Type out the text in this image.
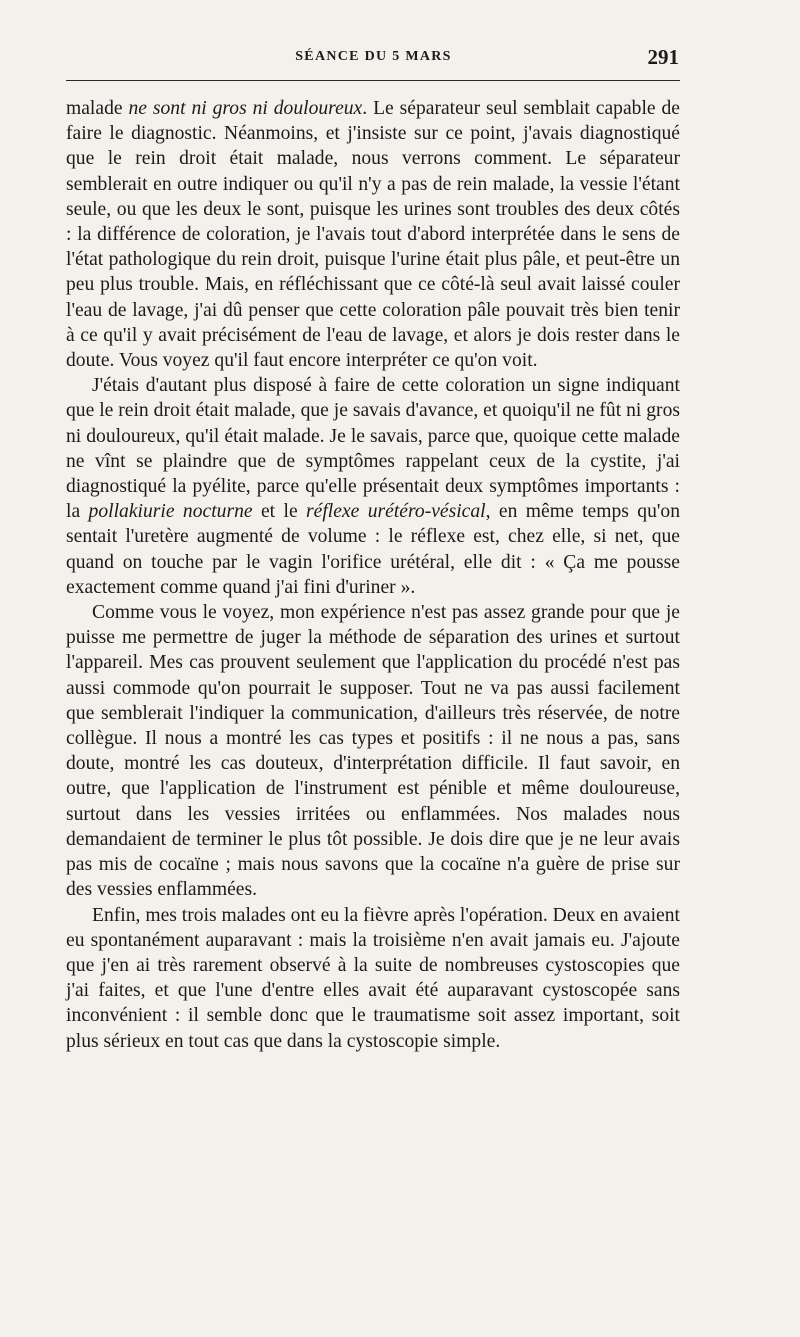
SÉANCE DU 5 MARS	291

malade ne sont ni gros ni douloureux. Le séparateur seul semblait capable de faire le diagnostic. Néanmoins, et j'insiste sur ce point, j'avais diagnostiqué que le rein droit était malade, nous verrons comment. Le séparateur semblerait en outre indiquer ou qu'il n'y a pas de rein malade, la vessie l'étant seule, ou que les deux le sont, puisque les urines sont troubles des deux côtés : la différence de coloration, je l'avais tout d'abord interprétée dans le sens de l'état pathologique du rein droit, puisque l'urine était plus pâle, et peut-être un peu plus trouble. Mais, en réfléchissant que ce côté-là seul avait laissé couler l'eau de lavage, j'ai dû penser que cette coloration pâle pouvait très bien tenir à ce qu'il y avait précisément de l'eau de lavage, et alors je dois rester dans le doute. Vous voyez qu'il faut encore interpréter ce qu'on voit.

J'étais d'autant plus disposé à faire de cette coloration un signe indiquant que le rein droit était malade, que je savais d'avance, et quoiqu'il ne fût ni gros ni douloureux, qu'il était malade. Je le savais, parce que, quoique cette malade ne vînt se plaindre que de symptômes rappelant ceux de la cystite, j'ai diagnostiqué la pyélite, parce qu'elle présentait deux symptômes importants : la pollakiurie nocturne et le réflexe urétéro-vésical, en même temps qu'on sentait l'uretère augmenté de volume : le réflexe est, chez elle, si net, que quand on touche par le vagin l'orifice urétéral, elle dit : « Ça me pousse exactement comme quand j'ai fini d'uriner ».

Comme vous le voyez, mon expérience n'est pas assez grande pour que je puisse me permettre de juger la méthode de séparation des urines et surtout l'appareil. Mes cas prouvent seulement que l'application du procédé n'est pas aussi commode qu'on pourrait le supposer. Tout ne va pas aussi facilement que semblerait l'indiquer la communication, d'ailleurs très réservée, de notre collègue. Il nous a montré les cas types et positifs : il ne nous a pas, sans doute, montré les cas douteux, d'interprétation difficile. Il faut savoir, en outre, que l'application de l'instrument est pénible et même douloureuse, surtout dans les vessies irritées ou enflammées. Nos malades nous demandaient de terminer le plus tôt possible. Je dois dire que je ne leur avais pas mis de cocaïne ; mais nous savons que la cocaïne n'a guère de prise sur des vessies enflammées.

Enfin, mes trois malades ont eu la fièvre après l'opération. Deux en avaient eu spontanément auparavant : mais la troisième n'en avait jamais eu. J'ajoute que j'en ai très rarement observé à la suite de nombreuses cystoscopies que j'ai faites, et que l'une d'entre elles avait été auparavant cystoscopée sans inconvénient : il semble donc que le traumatisme soit assez important, soit plus sérieux en tout cas que dans la cystoscopie simple.
